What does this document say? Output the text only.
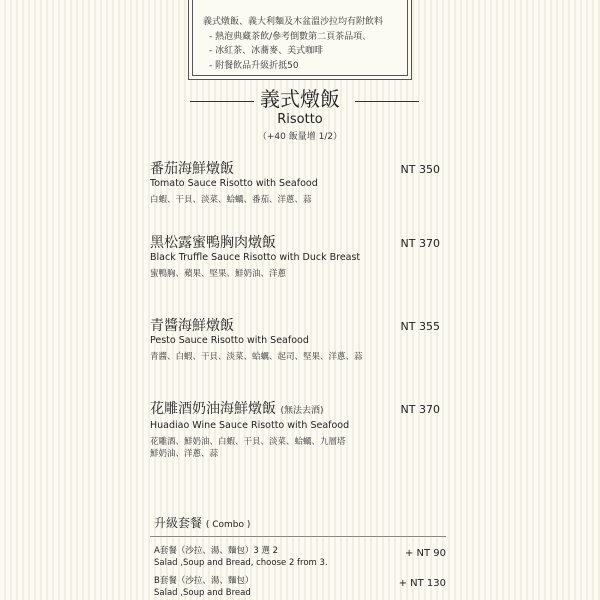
義式燉飯、義大利麵及木盆溫沙拉均有附飲料
- 熱泡典藏茶飲/參考倒數第二頁茶品項、
- 冰紅茶、冰蕎麥、美式咖啡
- 附餐飲品升級折抵50
義式燉飯
Risotto
（+40 飯量增 1/2）
番茄海鮮燉飯
Tomato Sauce Risotto with Seafood
白蝦、干貝、淡菜、蛤蠣、番茄、洋蔥、蒜
NT 350
黑松露蜜鴨胸肉燉飯
Black Truffle Sauce Risotto with Duck Breast
蜜鴨胸、蘋果、堅果、鮮奶油、洋蔥
NT 370
青醬海鮮燉飯
Pesto Sauce Risotto with Seafood
青醬、白蝦、干貝、淡菜、蛤蠣、起司、堅果、洋蔥、蒜
NT 355
花雕酒奶油海鮮燉飯 (無法去酒)
Huadiao Wine Sauce Risotto with Seafood
花雕酒、鮮奶油、白蝦、干貝、淡菜、蛤蠣、九層塔
鮮奶油、洋蔥、蒜
NT 370
升級套餐 ( Combo )
A套餐（沙拉、湯、麵包）3 選 2
Salad ,Soup and Bread, choose 2 from 3.
+ NT 90
B套餐（沙拉、湯、麵包）
Salad ,Soup and Bread
+ NT 130
